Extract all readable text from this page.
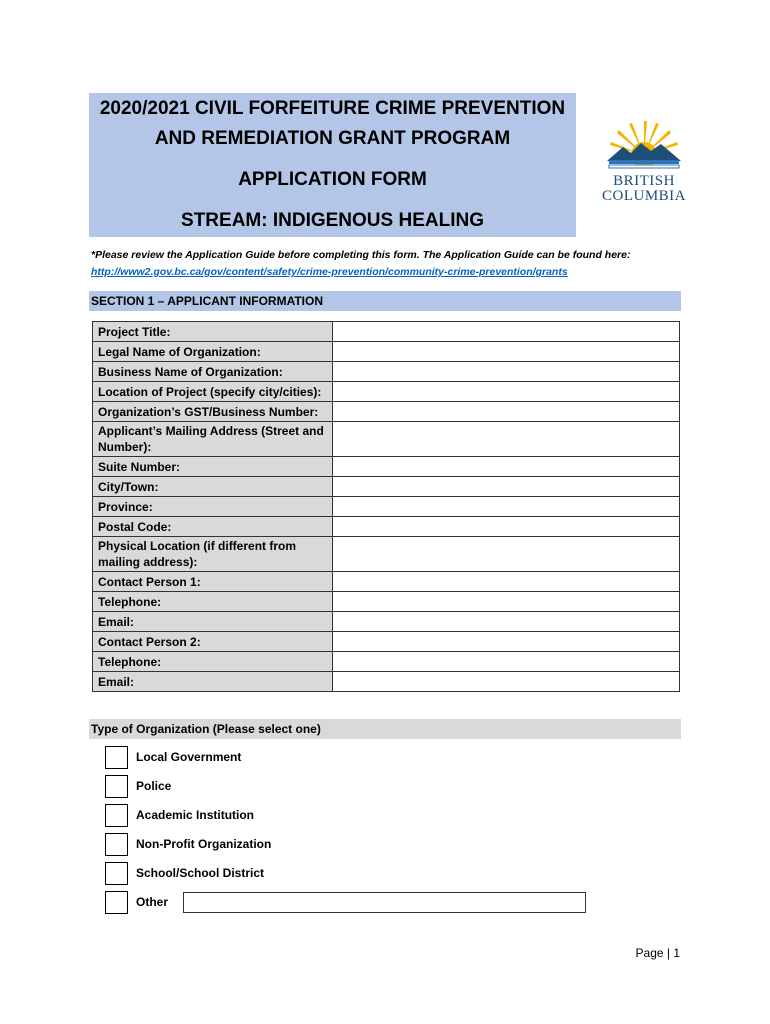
2020/2021 CIVIL FORFEITURE CRIME PREVENTION
AND REMEDIATION GRANT PROGRAM
APPLICATION FORM
STREAM: INDIGENOUS HEALING
BRITISH
COLUMBIA
*Please review the Application Guide before completing this form. The Application Guide can be found here:
http://www2.gov.bc.ca/gov/content/safety/crime-prevention/community-crime-prevention/grants
SECTION 1 – APPLICANT INFORMATION
Project Title:	
Legal Name of Organization:	
Business Name of Organization:	
Location of Project (specify city/cities):	
Organization’s GST/Business Number:	
Applicant’s Mailing Address (Street and Number):	
Suite Number:	
City/Town:	
Province:	
Postal Code:	
Physical Location (if different from mailing address):	
Contact Person 1:	
Telephone:	
Email:	
Contact Person 2:	
Telephone:	
Email:	
Type of Organization (Please select one)
Local Government
Police
Academic Institution
Non-Profit Organization
School/School District
Other
Page | 1
